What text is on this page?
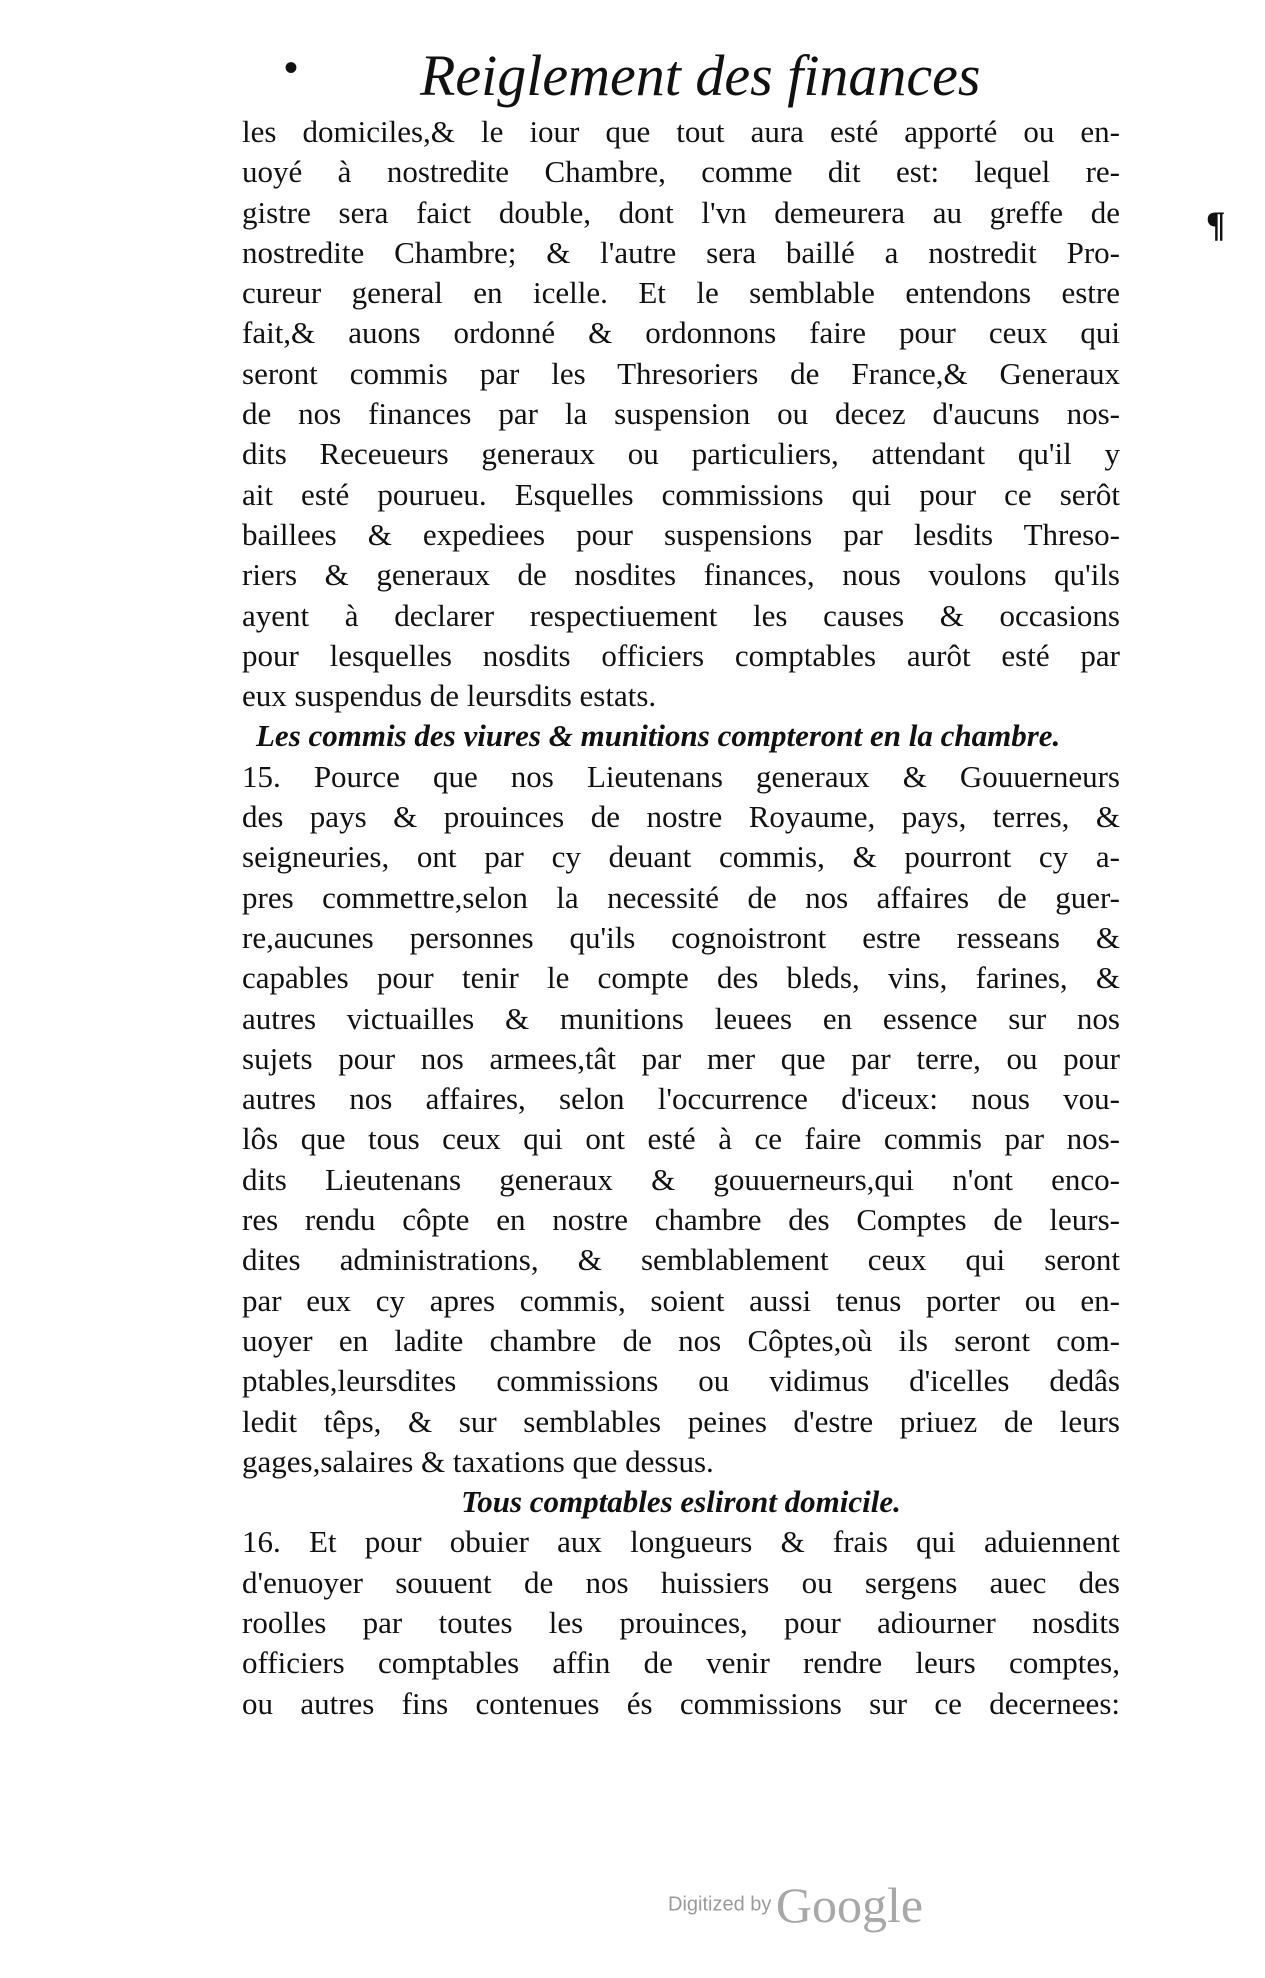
• Reiglement des finances
¶
les domiciles,& le iour que tout aura esté apporté ou en-
uoyé à nostredite Chambre, comme dit est: lequel re-
gistre sera faict double, dont l'vn demeurera au greffe de
nostredite Chambre; & l'autre sera baillé a nostredit Pro-
cureur general en icelle. Et le semblable entendons estre
fait,& auons ordonné & ordonnons faire pour ceux qui
seront commis par les Thresoriers de France,& Generaux
de nos finances par la suspension ou decez d'aucuns nos-
dits Receueurs generaux ou particuliers, attendant qu'il y
ait esté pourueu. Esquelles commissions qui pour ce serôt
baillees & expediees pour suspensions par lesdits Threso-
riers & generaux de nosdites finances, nous voulons qu'ils
ayent à declarer respectiuement les causes & occasions
pour lesquelles nosdits officiers comptables aurôt esté par
eux suspendus de leursdits estats.
Les commis des viures & munitions compteront en la chambre.
15. Pource que nos Lieutenans generaux & Gouuerneurs
des pays & prouinces de nostre Royaume, pays, terres, &
seigneuries, ont par cy deuant commis, & pourront cy a-
pres commettre,selon la necessité de nos affaires de guer-
re,aucunes personnes qu'ils cognoistront estre resseans &
capables pour tenir le compte des bleds, vins, farines, &
autres victuailles & munitions leuees en essence sur nos
sujets pour nos armees,tât par mer que par terre, ou pour
autres nos affaires, selon l'occurrence d'iceux: nous vou-
lôs que tous ceux qui ont esté à ce faire commis par nos-
dits Lieutenans generaux & gouuerneurs,qui n'ont enco-
res rendu côpte en nostre chambre des Comptes de leurs-
dites administrations, & semblablement ceux qui seront
par eux cy apres commis, soient aussi tenus porter ou en-
uoyer en ladite chambre de nos Côptes,où ils seront com-
ptables,leursdites commissions ou vidimus d'icelles dedâs
ledit têps, & sur semblables peines d'estre priuez de leurs
gages,salaires & taxations que dessus.
Tous comptables esliront domicile.
16. Et pour obuier aux longueurs & frais qui aduiennent
d'enuoyer souuent de nos huissiers ou sergens auec des
roolles par toutes les prouinces, pour adiourner nosdits
officiers comptables affin de venir rendre leurs comptes,
ou autres fins contenues és commissions sur ce decernees:
Digitized by Google
